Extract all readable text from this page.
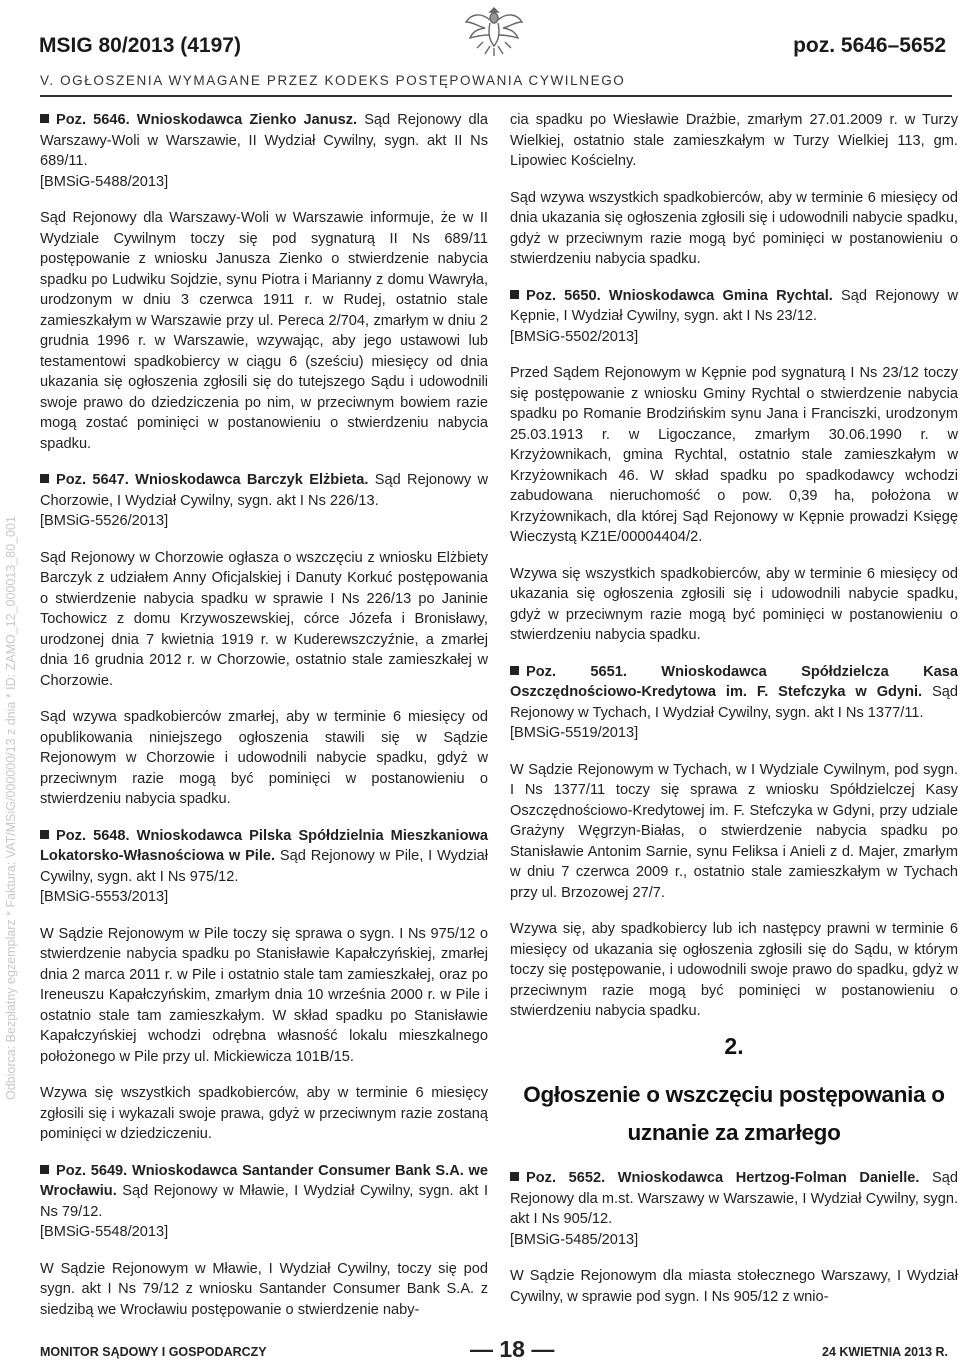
MSIG 80/2013 (4197)	poz. 5646–5652
V. OGŁOSZENIA WYMAGANE PRZEZ KODEKS POSTĘPOWANIA CYWILNEGO
Odbiorca: Bezpłatny egzemplarz * Faktura: VAT/MSiG/000000/13 z dnia * ID: ZAMO_12_000013_80_001

Poz. 5646. Wnioskodawca Zienko Janusz. Sąd Rejonowy dla Warszawy-Woli w Warszawie, II Wydział Cywilny, sygn. akt II Ns 689/11.

[BMSiG-5488/2013]

Sąd Rejonowy dla Warszawy-Woli w Warszawie informuje, że w II Wydziale Cywilnym toczy się pod sygnaturą II Ns 689/11 postępowanie z wniosku Janusza Zienko o stwierdzenie nabycia spadku po Ludwiku Sojdzie, synu Piotra i Marianny z domu Wawryła, urodzonym w dniu 3 czerwca 1911 r. w Rudej, ostatnio stale zamieszkałym w Warszawie przy ul. Pereca 2/704, zmarłym w dniu 2 grudnia 1996 r. w Warszawie, wzywając, aby jego ustawowi lub testamentowi spadkobiercy w ciągu 6 (sześciu) miesięcy od dnia ukazania się ogłoszenia zgłosili się do tutejszego Sądu i udowodnili swoje prawo do dziedziczenia po nim, w przeciwnym bowiem razie mogą zostać pominięci w postanowieniu o stwierdzeniu nabycia spadku.

Poz. 5647. Wnioskodawca Barczyk Elżbieta. Sąd Rejonowy w Chorzowie, I Wydział Cywilny, sygn. akt I Ns 226/13.

[BMSiG-5526/2013]

Sąd Rejonowy w Chorzowie ogłasza o wszczęciu z wniosku Elżbiety Barczyk z udziałem Anny Oficjalskiej i Danuty Korkuć postępowania o stwierdzenie nabycia spadku w sprawie I Ns 226/13 po Janinie Tochowicz z domu Krzywoszewskiej, córce Józefa i Bronisławy, urodzonej dnia 7 kwietnia 1919 r. w Kuderewszczyźnie, a zmarłej dnia 16 grudnia 2012 r. w Chorzowie, ostatnio stale zamieszkałej w Chorzowie.

Sąd wzywa spadkobierców zmarłej, aby w terminie 6 miesięcy od opublikowania niniejszego ogłoszenia stawili się w Sądzie Rejonowym w Chorzowie i udowodnili nabycie spadku, gdyż w przeciwnym razie mogą być pominięci w postanowieniu o stwierdzeniu nabycia spadku.

Poz. 5648. Wnioskodawca Pilska Spółdzielnia Mieszkaniowa Lokatorsko-Własnościowa w Pile. Sąd Rejonowy w Pile, I Wydział Cywilny, sygn. akt I Ns 975/12.

[BMSiG-5553/2013]

W Sądzie Rejonowym w Pile toczy się sprawa o sygn. I Ns 975/12 o stwierdzenie nabycia spadku po Stanisławie Kapałczyńskiej, zmarłej dnia 2 marca 2011 r. w Pile i ostatnio stale tam zamieszkałej, oraz po Ireneuszu Kapałczyńskim, zmarłym dnia 10 września 2000 r. w Pile i ostatnio stale tam zamieszkałym. W skład spadku po Stanisławie Kapałczyńskiej wchodzi odrębna własność lokalu mieszkalnego położonego w Pile przy ul. Mickiewicza 101B/15.

Wzywa się wszystkich spadkobierców, aby w terminie 6 miesięcy zgłosili się i wykazali swoje prawa, gdyż w przeciwnym razie zostaną pominięci w dziedziczeniu.

Poz. 5649. Wnioskodawca Santander Consumer Bank S.A. we Wrocławiu. Sąd Rejonowy w Mławie, I Wydział Cywilny, sygn. akt I Ns 79/12.

[BMSiG-5548/2013]

W Sądzie Rejonowym w Mławie, I Wydział Cywilny, toczy się pod sygn. akt I Ns 79/12 z wniosku Santander Consumer Bank S.A. z siedzibą we Wrocławiu postępowanie o stwierdzenie naby-

cia spadku po Wiesławie Drażbie, zmarłym 27.01.2009 r. w Turzy Wielkiej, ostatnio stale zamieszkałym w Turzy Wielkiej 113, gm. Lipowiec Kościelny.

Sąd wzywa wszystkich spadkobierców, aby w terminie 6 miesięcy od dnia ukazania się ogłoszenia zgłosili się i udowodnili nabycie spadku, gdyż w przeciwnym razie mogą być pominięci w postanowieniu o stwierdzeniu nabycia spadku.

Poz. 5650. Wnioskodawca Gmina Rychtal. Sąd Rejonowy w Kępnie, I Wydział Cywilny, sygn. akt I Ns 23/12.

[BMSiG-5502/2013]

Przed Sądem Rejonowym w Kępnie pod sygnaturą I Ns 23/12 toczy się postępowanie z wniosku Gminy Rychtal o stwierdzenie nabycia spadku po Romanie Brodzińskim synu Jana i Franciszki, urodzonym 25.03.1913 r. w Ligoczance, zmarłym 30.06.1990 r. w Krzyżownikach, gmina Rychtal, ostatnio stale zamieszkałym w Krzyżownikach 46. W skład spadku po spadkodawcy wchodzi zabudowana nieruchomość o pow. 0,39 ha, położona w Krzyżownikach, dla której Sąd Rejonowy w Kępnie prowadzi Księgę Wieczystą KZ1E/00004404/2.

Wzywa się wszystkich spadkobierców, aby w terminie 6 miesięcy od ukazania się ogłoszenia zgłosili się i udowodnili nabycie spadku, gdyż w przeciwnym razie mogą być pominięci w postanowieniu o stwierdzeniu nabycia spadku.

Poz. 5651. Wnioskodawca Spółdzielcza Kasa Oszczędnościowo-Kredytowa im. F. Stefczyka w Gdyni. Sąd Rejonowy w Tychach, I Wydział Cywilny, sygn. akt I Ns 1377/11.

[BMSiG-5519/2013]

W Sądzie Rejonowym w Tychach, w I Wydziale Cywilnym, pod sygn. I Ns 1377/11 toczy się sprawa z wniosku Spółdzielczej Kasy Oszczędnościowo-Kredytowej im. F. Stefczyka w Gdyni, przy udziale Grażyny Węgrzyn-Białas, o stwierdzenie nabycia spadku po Stanisławie Antonim Sarnie, synu Feliksa i Anieli z d. Majer, zmarłym w dniu 7 czerwca 2009 r., ostatnio stale zamieszkałym w Tychach przy ul. Brzozowej 27/7.

Wzywa się, aby spadkobiercy lub ich następcy prawni w terminie 6 miesięcy od ukazania się ogłoszenia zgłosili się do Sądu, w którym toczy się postępowanie, i udowodnili swoje prawo do spadku, gdyż w przeciwnym razie mogą być pominięci w postanowieniu o stwierdzeniu nabycia spadku.

2.
Ogłoszenie o wszczęciu postępowania o uznanie za zmarłego

Poz. 5652. Wnioskodawca Hertzog-Folman Danielle. Sąd Rejonowy dla m.st. Warszawy w Warszawie, I Wydział Cywilny, sygn. akt I Ns 905/12.

[BMSiG-5485/2013]

W Sądzie Rejonowym dla miasta stołecznego Warszawy, I Wydział Cywilny, w sprawie pod sygn. I Ns 905/12 z wnio-

MONITOR SĄDOWY I GOSPODARCZY	— 18 —	24 KWIETNIA 2013 R.
